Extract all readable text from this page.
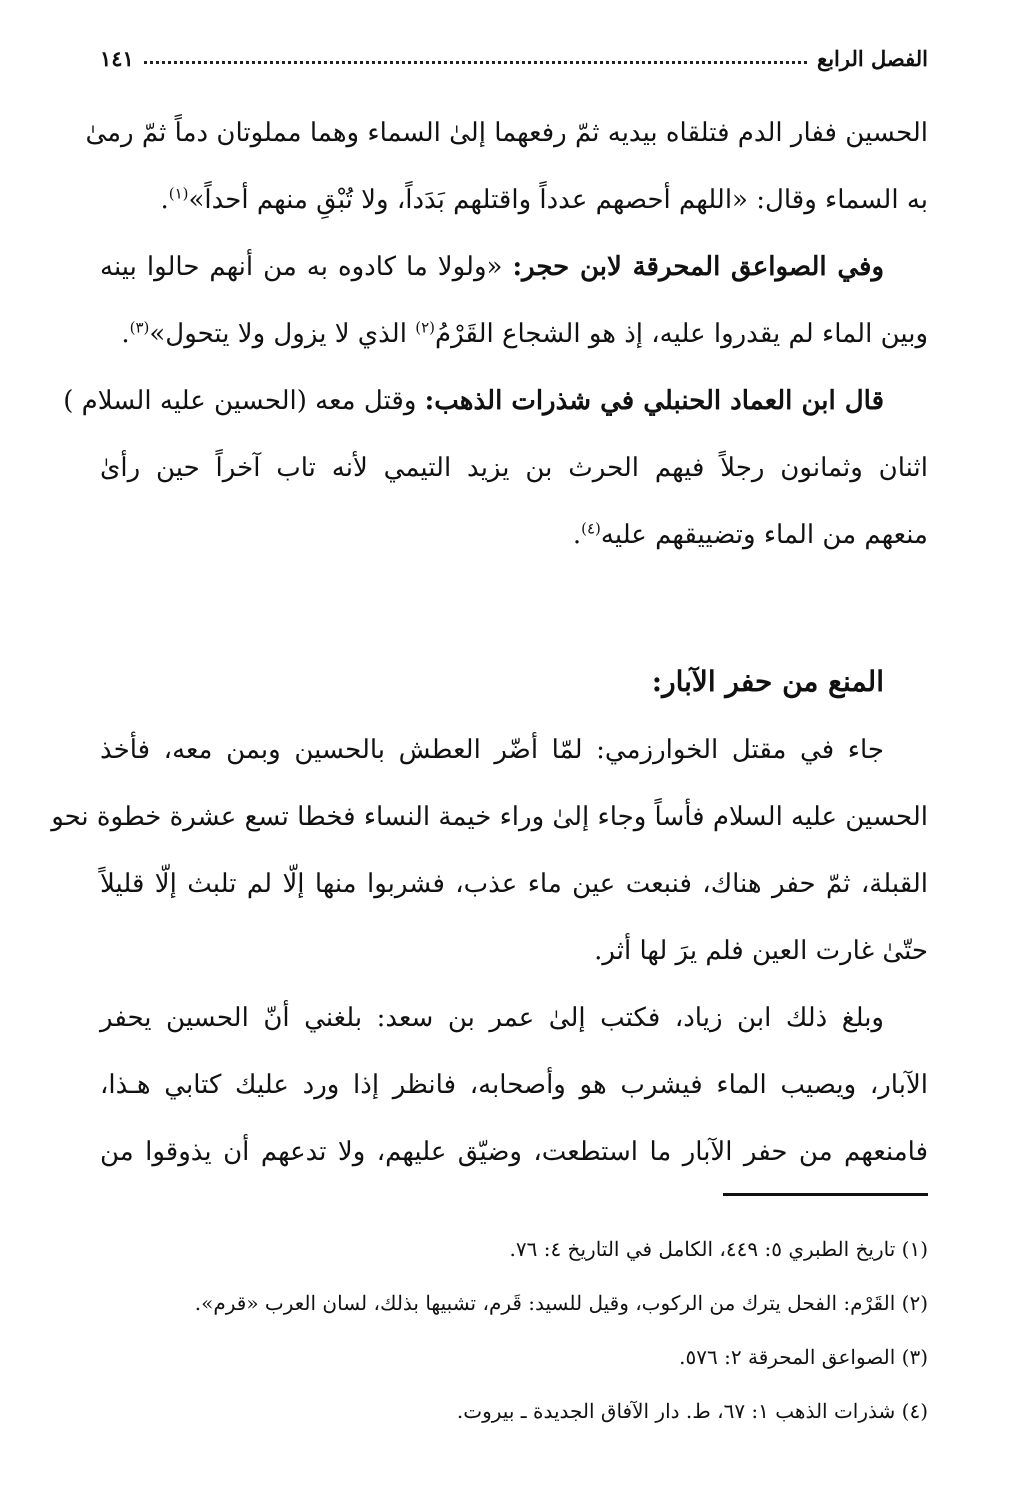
الفصل الرابع
١٤١
الحسين ففار الدم فتلقاه بيديه ثمّ رفعهما إلىٰ السماء وهما مملوتان دماً ثمّ رمىٰ
به السماء وقال: «اللهم أحصهم عدداً واقتلهم بَدَداً، ولا تُبْقِ منهم أحداً»$^{(١)}$.
وفي الصواعق المحرقة لابن حجر: «ولولا ما كادوه به من أنهم حالوا بينه
وبين الماء لم يقدروا عليه، إذ هو الشجاع القَرْمُ$^{(٢)}$ الذي لا يزول ولا يتحول»$^{(٣)}$.
قال ابن العماد الحنبلي في شذرات الذهب: وقتل معه (الحسين عليه السلام )
اثنان وثمانون رجلاً فيهم الحرث بن يزيد التيمي لأنه تاب آخراً حين رأىٰ
منعهم من الماء وتضييقهم عليه$^{(٤)}$.
المنع من حفر الآبار:
جاء في مقتل الخوارزمي: لمّا أضّر العطش بالحسين وبمن معه، فأخذ
الحسين عليه السلام فأساً وجاء إلىٰ وراء خيمة النساء فخطا تسع عشرة خطوة نحو
القبلة، ثمّ حفر هناك، فنبعت عين ماء عذب، فشربوا منها إلّا لم تلبث إلّا قليلاً
حتّىٰ غارت العين فلم يرَ لها أثر.
وبلغ ذلك ابن زياد، فكتب إلىٰ عمر بن سعد: بلغني أنّ الحسين يحفر
الآبار، ويصيب الماء فيشرب هو وأصحابه، فانظر إذا ورد عليك كتابي هـذا،
فامنعهم من حفر الآبار ما استطعت، وضيّق عليهم، ولا تدعهم أن يذوقوا من
(١) تاريخ الطبري ٥: ٤٤٩، الكامل في التاريخ ٤: ٧٦.
(٢) القَرْم: الفحل يترك من الركوب، وقيل للسيد: قَرم، تشبيها بذلك، لسان العرب «قرم».
(٣) الصواعق المحرقة ٢: ٥٧٦.
(٤) شذرات الذهب ١: ٦٧، ط. دار الآفاق الجديدة ـ بيروت.
